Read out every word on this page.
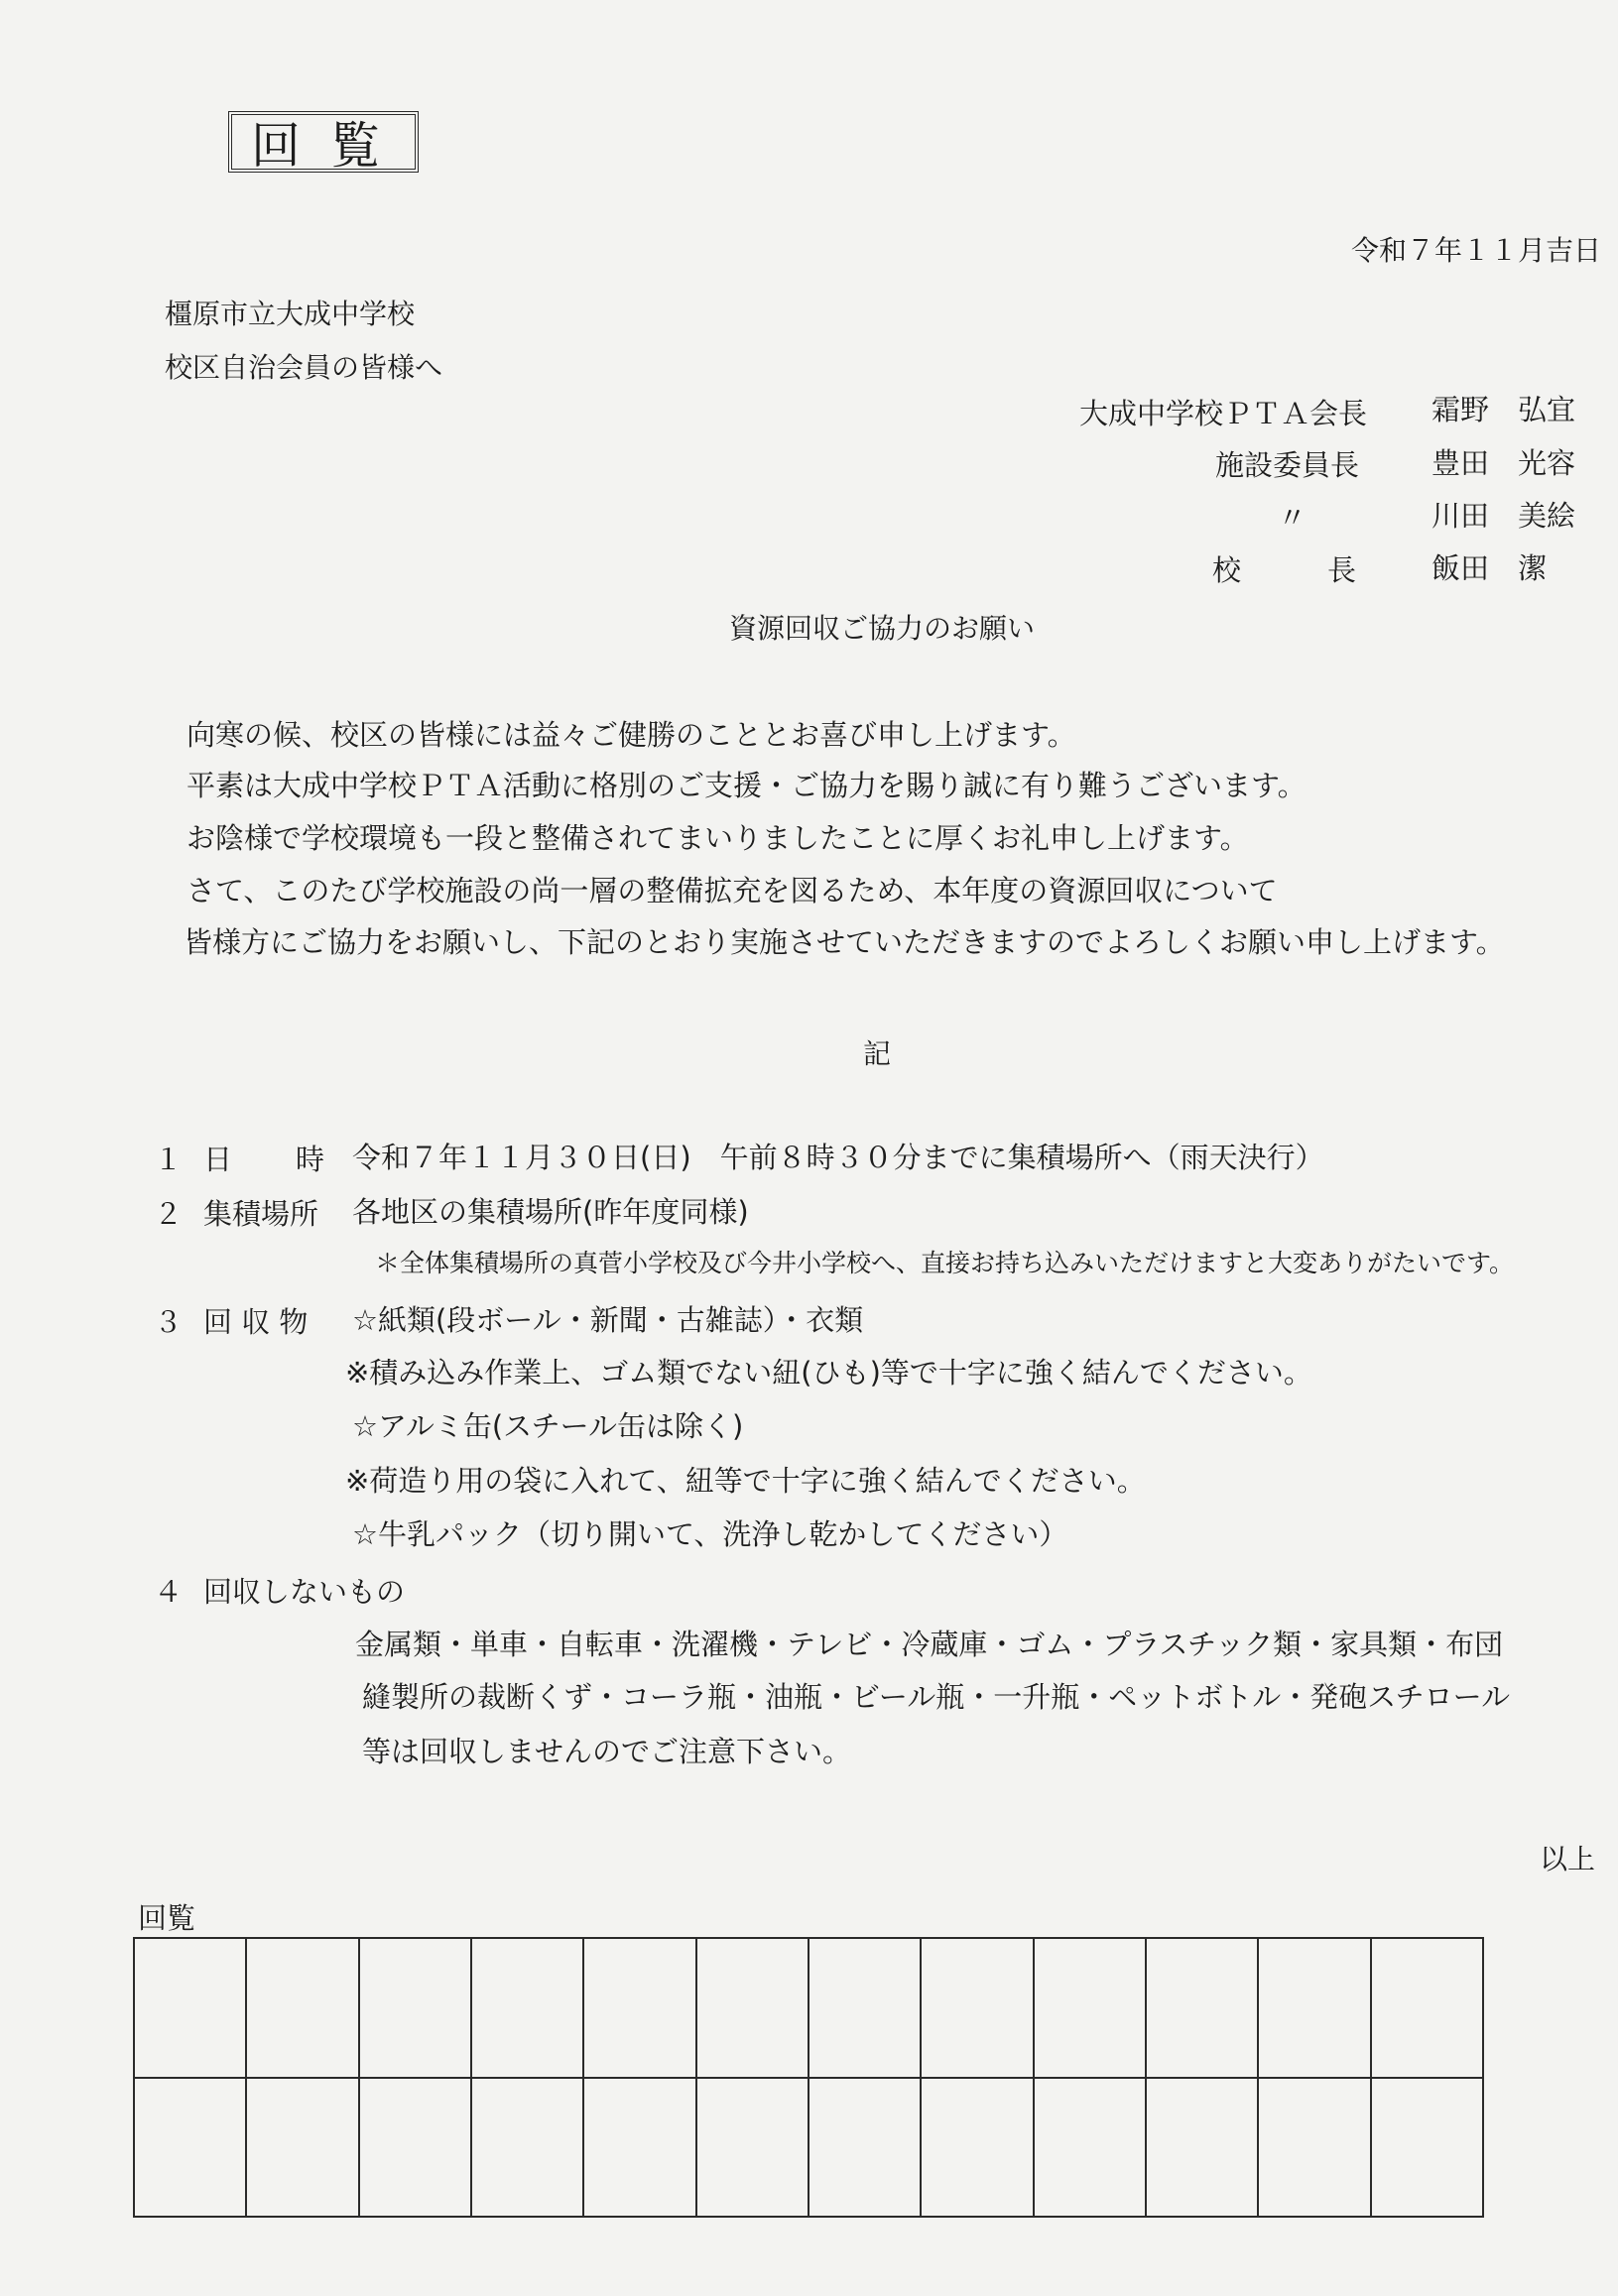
回覧
令和７年１１月吉日
橿原市立大成中学校
校区自治会員の皆様へ
大成中学校ＰＴＡ会長 霜野　弘宜
施設委員長	豊田　光容
〃	川田　美絵
校　　　長	飯田　潔
資源回収ご協力のお願い
向寒の候、校区の皆様には益々ご健勝のこととお喜び申し上げます。
平素は大成中学校ＰＴＡ活動に格別のご支援・ご協力を賜り誠に有り難うございます。
お陰様で学校環境も一段と整備されてまいりましたことに厚くお礼申し上げます。
さて、このたび学校施設の尚一層の整備拡充を図るため、本年度の資源回収について
皆様方にご協力をお願いし、下記のとおり実施させていただきますのでよろしくお願い申し上げます。
記
１ 日　　時 令和７年１１月３０日(日)　午前８時３０分までに集積場所へ（雨天決行）
２ 集積場所 各地区の集積場所(昨年度同様)
＊全体集積場所の真菅小学校及び今井小学校へ、直接お持ち込みいただけますと大変ありがたいです。
３ 回 収 物 ☆紙類(段ボール・新聞・古雑誌）・衣類
※積み込み作業上、ゴム類でない紐(ひも)等で十字に強く結んでください。
☆アルミ缶(スチール缶は除く)
※荷造り用の袋に入れて、紐等で十字に強く結んでください。
☆牛乳パック（切り開いて、洗浄し乾かしてください）
４ 回収しないもの
金属類・単車・自転車・洗濯機・テレビ・冷蔵庫・ゴム・プラスチック類・家具類・布団
縫製所の裁断くず・コーラ瓶・油瓶・ビール瓶・一升瓶・ペットボトル・発砲スチロール
等は回収しませんのでご注意下さい。
以上
回覧
